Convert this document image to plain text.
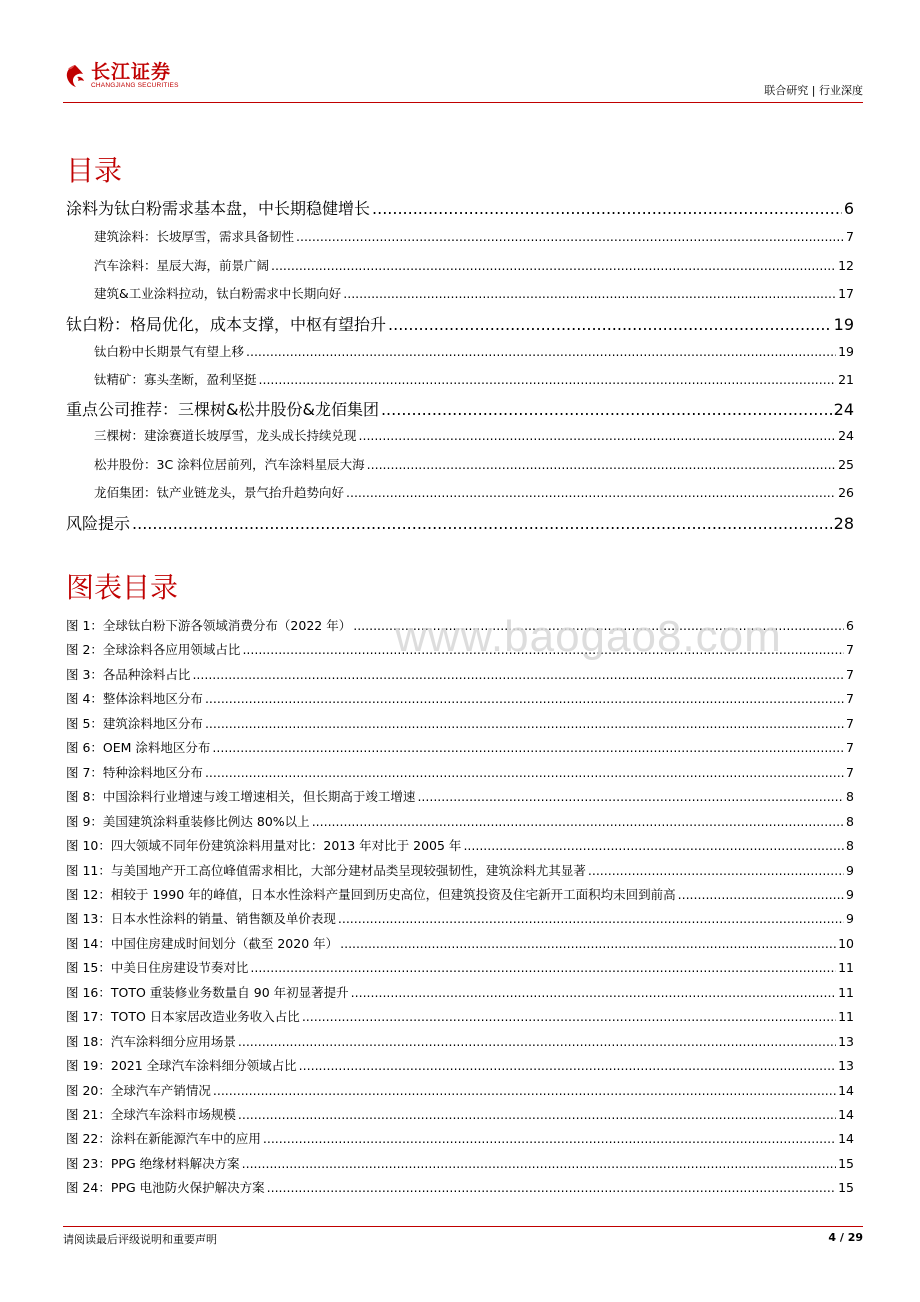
长江证券
CHANGJIANG SECURITIES	联合研究 | 行业深度
目录
涂料为钛白粉需求基本盘，中长期稳健增长 .....	6
建筑涂料：长坡厚雪，需求具备韧性 .....	7
汽车涂料：星辰大海，前景广阔 .....	12
建筑&工业涂料拉动，钛白粉需求中长期向好 .....	17
钛白粉：格局优化，成本支撑，中枢有望抬升 .....	19
钛白粉中长期景气有望上移 .....	19
钛精矿：寡头垄断，盈利坚挺 .....	21
重点公司推荐：三棵树&松井股份&龙佰集团 .....	24
三棵树：建涂赛道长坡厚雪，龙头成长持续兑现 .....	24
松井股份：3C 涂料位居前列，汽车涂料星辰大海 .....	25
龙佰集团：钛产业链龙头，景气抬升趋势向好 .....	26
风险提示 .....	28
图表目录
图 1：全球钛白粉下游各领域消费分布（2022 年） .....	6
图 2：全球涂料各应用领域占比 .....	7
图 3：各品种涂料占比 .....	7
图 4：整体涂料地区分布 .....	7
图 5：建筑涂料地区分布 .....	7
图 6：OEM 涂料地区分布 .....	7
图 7：特种涂料地区分布 .....	7
图 8：中国涂料行业增速与竣工增速相关，但长期高于竣工增速 .....	8
图 9：美国建筑涂料重装修比例达 80%以上 .....	8
图 10：四大领域不同年份建筑涂料用量对比：2013 年对比于 2005 年 .....	8
图 11：与美国地产开工高位峰值需求相比，大部分建材品类呈现较强韧性，建筑涂料尤其显著 .....	9
图 12：相较于 1990 年的峰值，日本水性涂料产量回到历史高位，但建筑投资及住宅新开工面积均未回到前高 .....	9
图 13：日本水性涂料的销量、销售额及单价表现 .....	9
图 14：中国住房建成时间划分（截至 2020 年） .....	10
图 15：中美日住房建设节奏对比 .....	11
图 16：TOTO 重装修业务数量自 90 年初显著提升 .....	11
图 17：TOTO 日本家居改造业务收入占比 .....	11
图 18：汽车涂料细分应用场景 .....	13
图 19：2021 全球汽车涂料细分领域占比 .....	13
图 20：全球汽车产销情况 .....	14
图 21：全球汽车涂料市场规模 .....	14
图 22：涂料在新能源汽车中的应用 .....	14
图 23：PPG 绝缘材料解决方案 .....	15
图 24：PPG 电池防火保护解决方案 .....	15
www.baogao8.com
请阅读最后评级说明和重要声明	4 / 29
